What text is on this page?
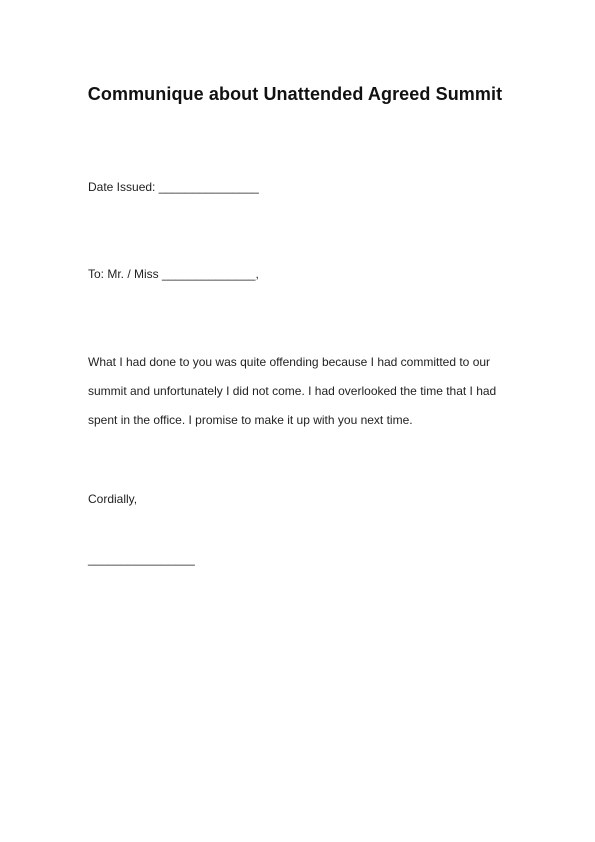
Communique about Unattended Agreed Summit
Date Issued: _______________
To: Mr. / Miss ______________,
What I had done to you was quite offending because I had committed to our
summit and unfortunately I did not come. I had overlooked the time that I had
spent in the office. I promise to make it up with you next time.
Cordially,
________________
